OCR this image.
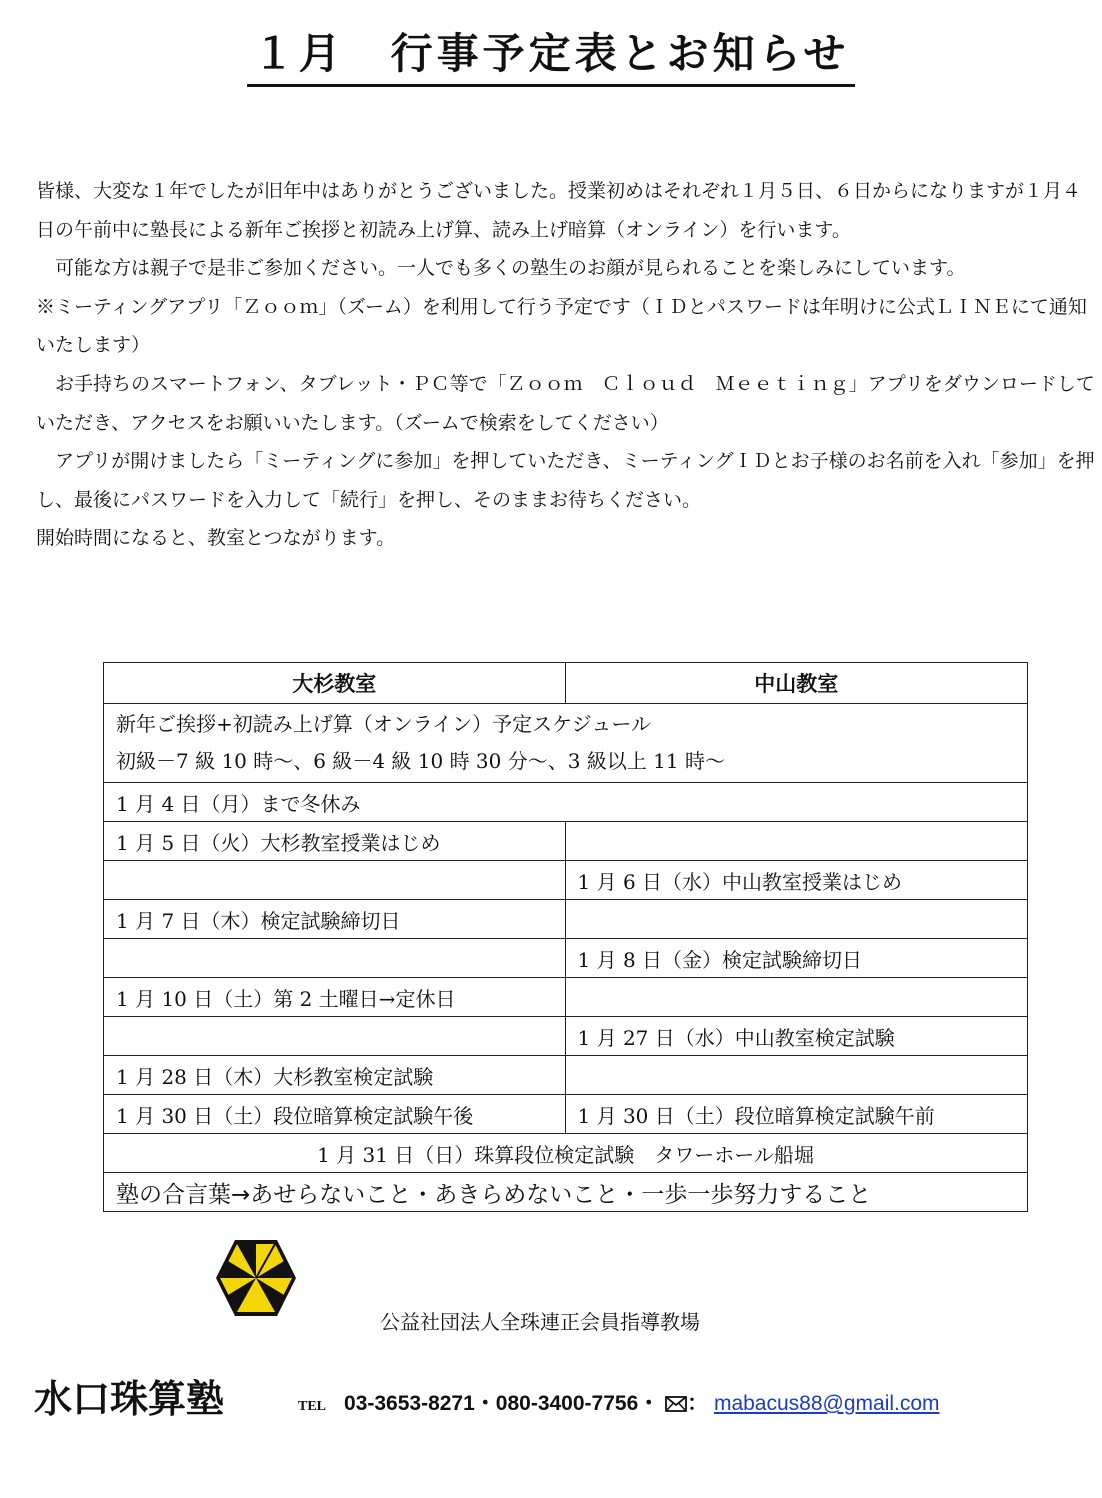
１月　行事予定表とお知らせ

皆様、大変な１年でしたが旧年中はありがとうございました。授業初めはそれぞれ１月５日、６日からになりますが１月４日の午前中に塾長による新年ご挨拶と初読み上げ算、読み上げ暗算（オンライン）を行います。

　可能な方は親子で是非ご参加ください。一人でも多くの塾生のお顔が見られることを楽しみにしています。

※ミーティングアプリ「Ｚｏｏｍ」（ズーム）を利用して行う予定です（ＩＤとパスワードは年明けに公式ＬＩＮＥにて通知いたします）

　お手持ちのスマートフォン、タブレット・ＰＣ等で「Ｚｏｏｍ　Ｃｌｏｕｄ　Ｍｅｅｔｉｎｇ」アプリをダウンロードしていただき、アクセスをお願いいたします。（ズームで検索をしてください）

　アプリが開けましたら「ミーティングに参加」を押していただき、ミーティングＩＤとお子様のお名前を入れ「参加」を押し、最後にパスワードを入力して「続行」を押し、そのままお待ちください。

開始時間になると、教室とつながります。

大杉教室	中山教室

新年ご挨拶+初読み上げ算（オンライン）予定スケジュール
初級－7 級 10 時～、6 級－4 級 10 時 30 分～、3 級以上 11 時～	

1 月 4 日（月）まで冬休み	
1 月 5 日（火）大杉教室授業はじめ	
	1 月 6 日（水）中山教室授業はじめ
1 月 7 日（木）検定試験締切日	
	1 月 8 日（金）検定試験締切日
1 月 10 日（土）第 2 土曜日→定休日	
	1 月 27 日（水）中山教室検定試験
1 月 28 日（木）大杉教室検定試験	
1 月 30 日（土）段位暗算検定試験午後	1 月 30 日（土）段位暗算検定試験午前
1 月 31 日（日）珠算段位検定試験　タワーホール船堀	
塾の合言葉→あせらないこと・あきらめないこと・一歩一歩努力すること	
公益社団法人全珠連正会員指導教場
水口珠算塾	TEL 03-3653-8271・080-3400-7756・ ： mabacus88@gmail.com
